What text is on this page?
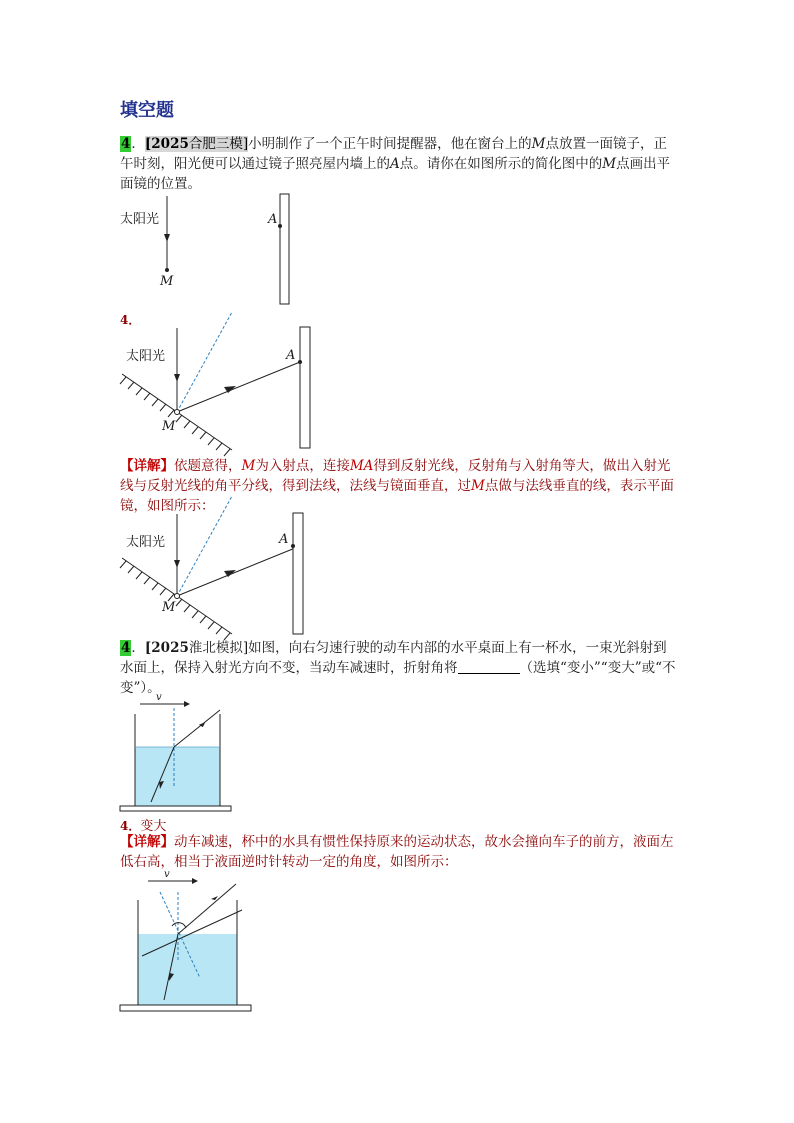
填空题
4．[2025合肥三模]小明制作了一个正午时间提醒器，他在窗台上的M点放置一面镜子，正午时刻，阳光便可以通过镜子照亮屋内墙上的A点。请你在如图所示的简化图中的M点画出平面镜的位置。
太阳光
M
A
4．
太阳光
M
A
【详解】依题意得，M为入射点，连接MA得到反射光线，反射角与入射角等大，做出入射光线与反射光线的角平分线，得到法线，法线与镜面垂直，过M点做与法线垂直的线，表示平面镜，如图所示：
太阳光
M
A
4．[2025淮北模拟]如图，向右匀速行驶的动车内部的水平桌面上有一杯水，一束光斜射到水面上，保持入射光方向不变，当动车减速时，折射角将	（选填“变小”“变大”或“不变”）。
v
4．变大
【详解】动车减速，杯中的水具有惯性保持原来的运动状态，故水会撞向车子的前方，液面左低右高，相当于液面逆时针转动一定的角度，如图所示：
v
